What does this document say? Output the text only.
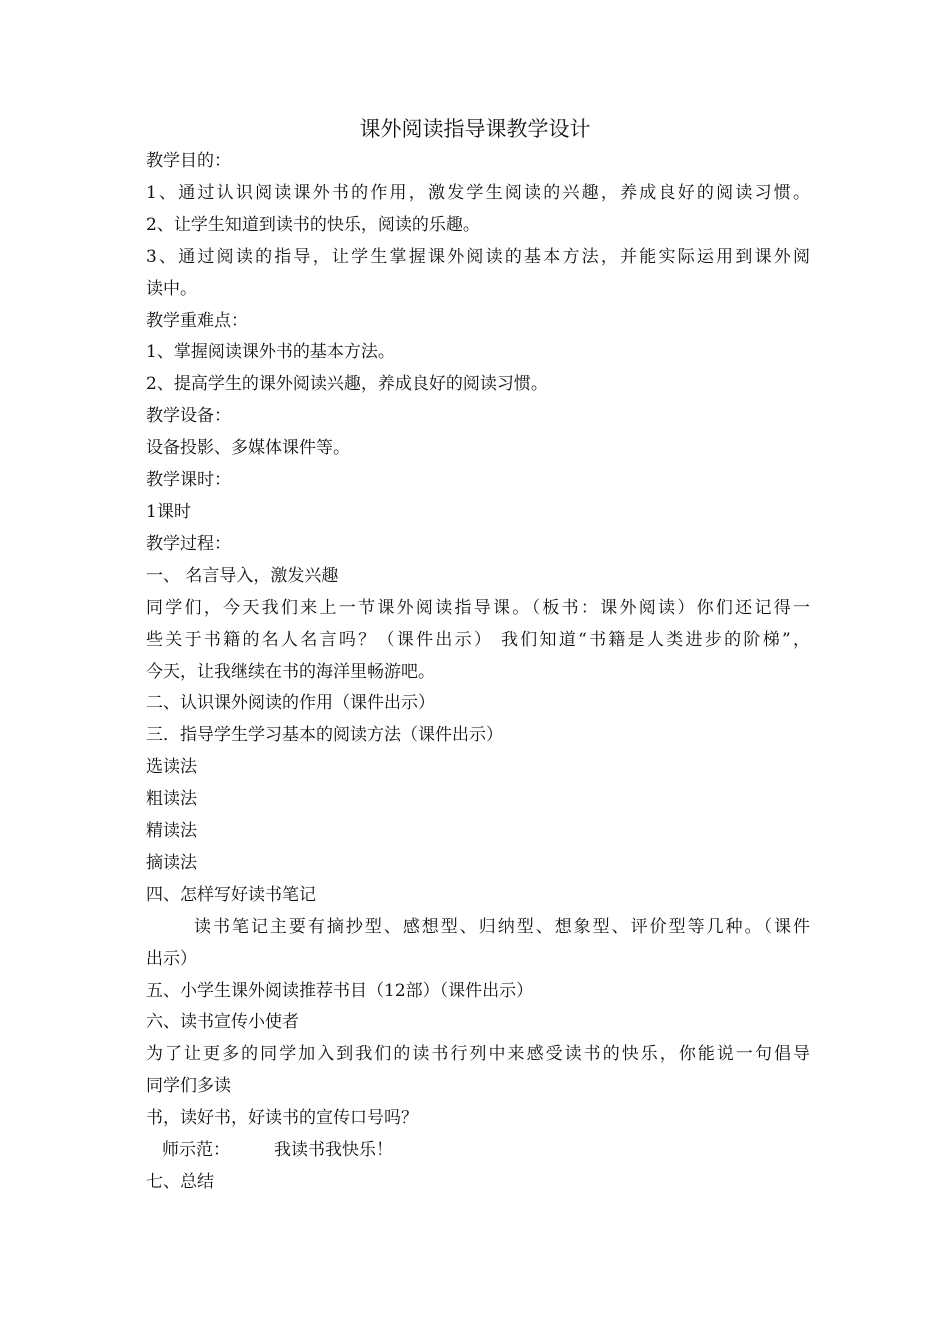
课外阅读指导课教学设计

教学目的：

1、通过认识阅读课外书的作用，激发学生阅读的兴趣，养成良好的阅读习惯。

2、让学生知道到读书的快乐，阅读的乐趣。

3、通过阅读的指导，让学生掌握课外阅读的基本方法，并能实际运用到课外阅

读中。

教学重难点：

1、掌握阅读课外书的基本方法。

2、提高学生的课外阅读兴趣，养成良好的阅读习惯。

教学设备：

设备投影、多媒体课件等。

教学课时：

1课时

教学过程：

一、 名言导入，激发兴趣

同学们，今天我们来上一节课外阅读指导课。（板书：课外阅读）你们还记得一

些关于书籍的名人名言吗？（课件出示） 我们知道“书籍是人类进步的阶梯”，

今天，让我继续在书的海洋里畅游吧。

二、认识课外阅读的作用（课件出示）

三．指导学生学习基本的阅读方法（课件出示）

选读法

粗读法

精读法

摘读法

四、怎样写好读书笔记

读书笔记主要有摘抄型、感想型、归纳型、想象型、评价型等几种。（课件

出示）

五、小学生课外阅读推荐书目（12部）（课件出示）

六、读书宣传小使者

为了让更多的同学加入到我们的读书行列中来感受读书的快乐，你能说一句倡导

同学们多读

书，读好书，好读书的宣传口号吗？

师示范：	我读书我快乐！

七、总结
